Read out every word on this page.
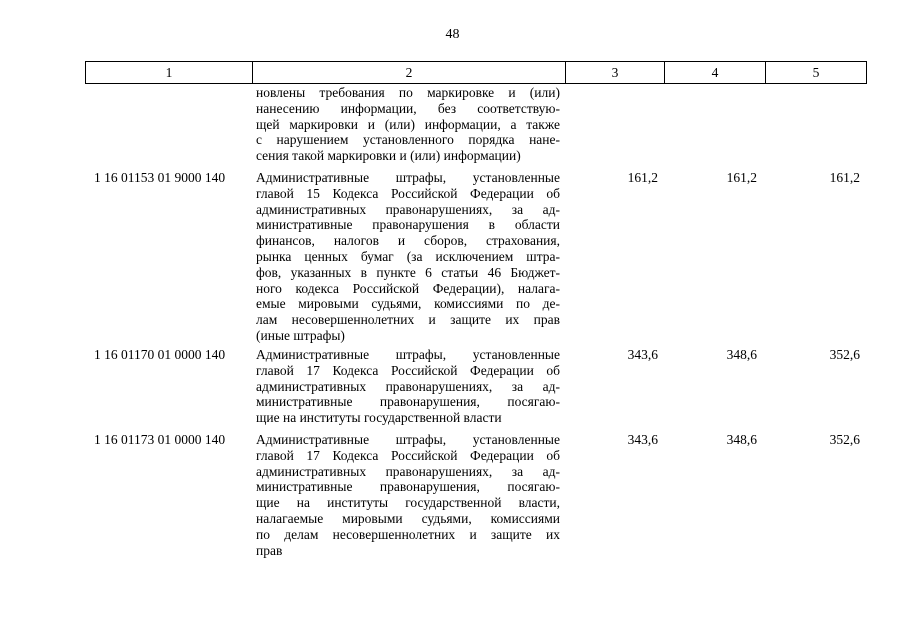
48
1	2	3	4	5
новлены требования по маркировке и (или)
нанесению информации, без соответствую-
щей маркировки и (или) информации, а также
с нарушением установленного порядка нане-
сения такой маркировки и (или) информации)
1 16 01153 01 9000 140 Административные штрафы, установленные
главой 15 Кодекса Российской Федерации об
административных правонарушениях, за ад-
министративные правонарушения в области
финансов, налогов и сборов, страхования,
рынка ценных бумаг (за исключением штра-
фов, указанных в пункте 6 статьи 46 Бюджет-
ного кодекса Российской Федерации), налага-
емые мировыми судьями, комиссиями по де-
лам несовершеннолетних и защите их прав
(иные штрафы)
161,2	161,2	161,2
1 16 01170 01 0000 140 Административные штрафы, установленные
главой 17 Кодекса Российской Федерации об
административных правонарушениях, за ад-
министративные правонарушения, посягаю-
щие на институты государственной власти
343,6	348,6	352,6
1 16 01173 01 0000 140 Административные штрафы, установленные
главой 17 Кодекса Российской Федерации об
административных правонарушениях, за ад-
министративные правонарушения, посягаю-
щие на институты государственной власти,
налагаемые мировыми судьями, комиссиями
по делам несовершеннолетних и защите их
прав
343,6	348,6	352,6
